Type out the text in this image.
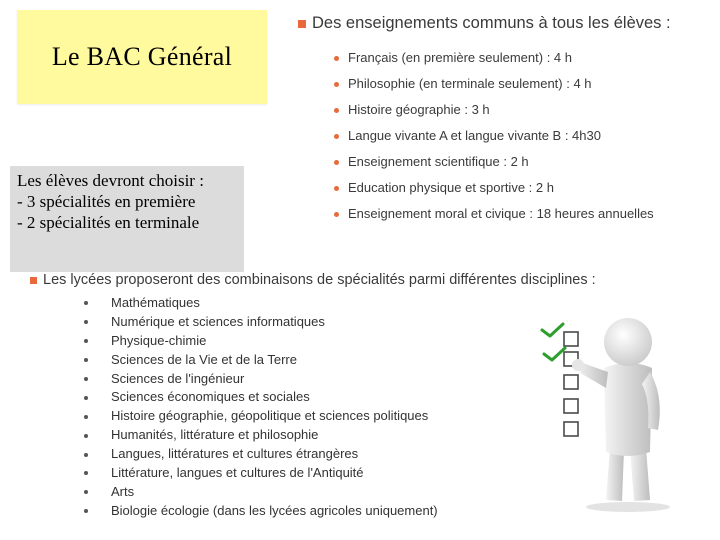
Le BAC Général
Les élèves devront choisir :
- 3 spécialités en première
- 2 spécialités en terminale
Des enseignements communs à tous les élèves :
Français (en première seulement) : 4 h
Philosophie (en terminale seulement) : 4 h
Histoire géographie : 3 h
Langue vivante A et langue vivante B : 4h30
Enseignement scientifique : 2 h
Education physique et sportive : 2 h
Enseignement moral et civique : 18 heures annuelles
Les lycées proposeront des combinaisons de spécialités parmi différentes disciplines :
Mathématiques
Numérique et sciences informatiques
Physique-chimie
Sciences de la Vie et de la Terre
Sciences de l'ingénieur
Sciences économiques et sociales
Histoire géographie, géopolitique et sciences politiques
Humanités, littérature et philosophie
Langues, littératures et cultures étrangères
Littérature, langues et cultures de l'Antiquité
Arts
Biologie écologie (dans les lycées agricoles uniquement)
